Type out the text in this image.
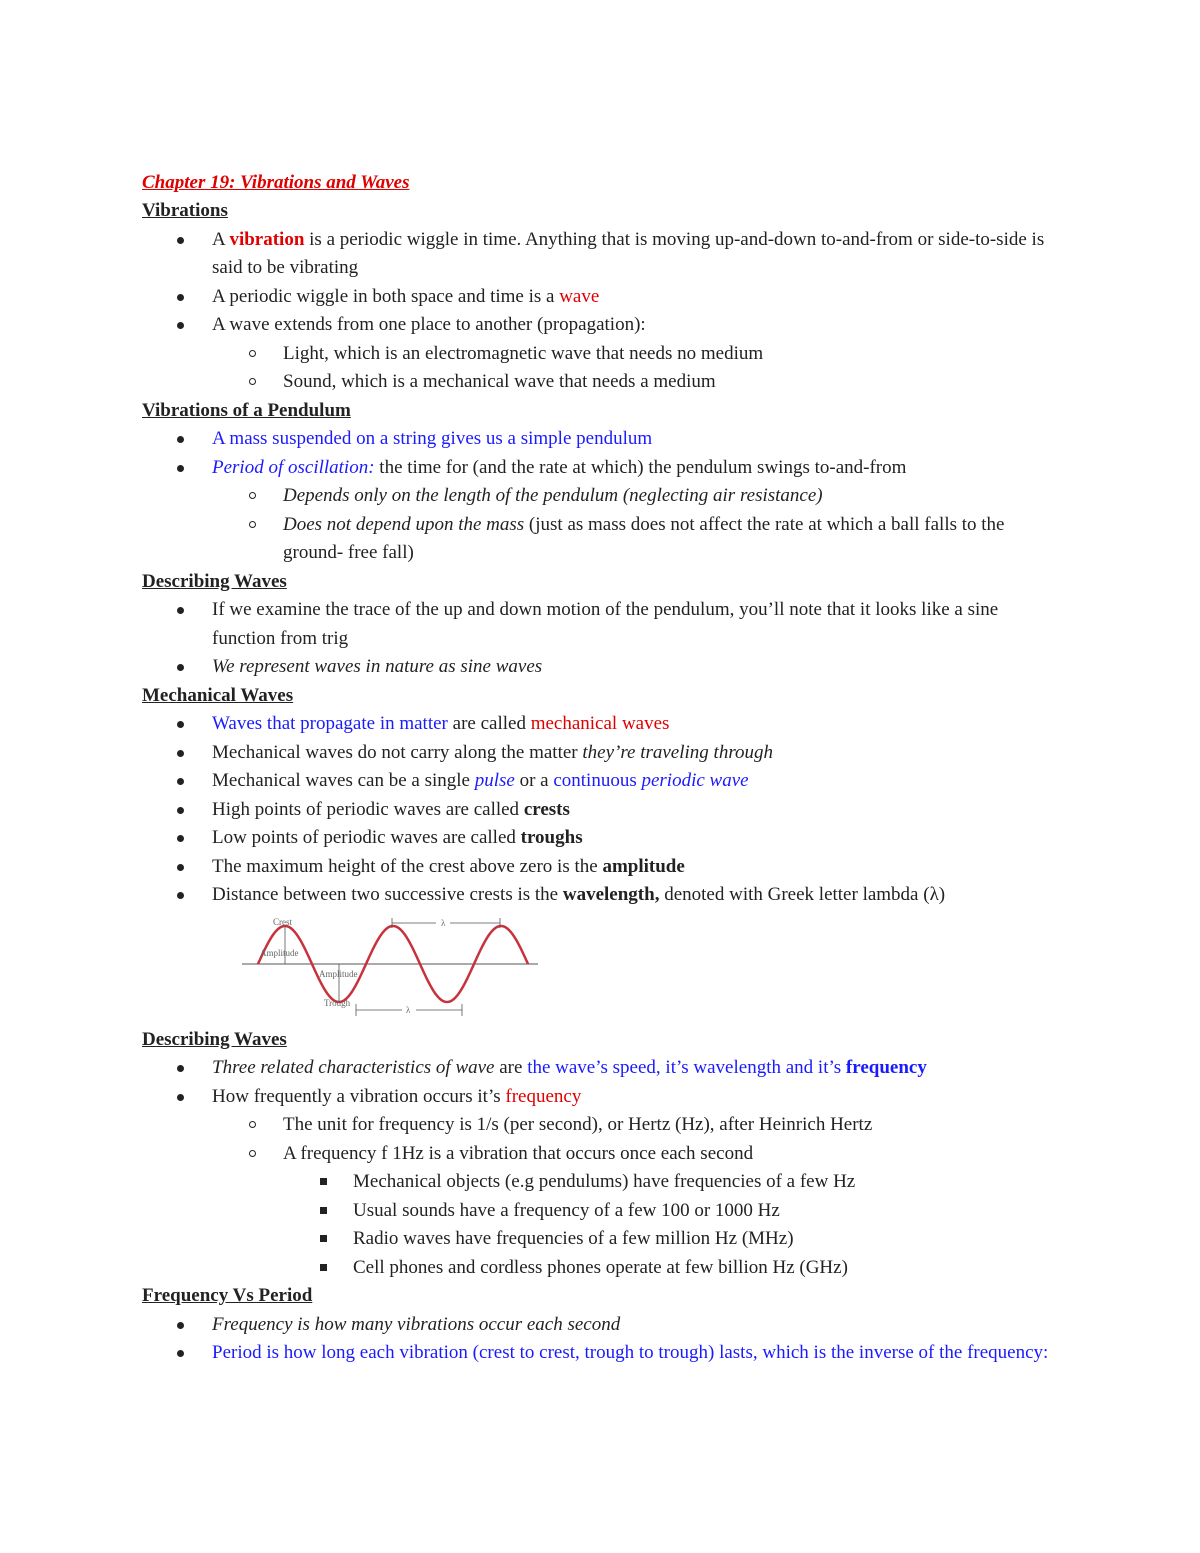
Chapter 19: Vibrations and Waves
Vibrations
A vibration is a periodic wiggle in time. Anything that is moving up-and-down to-and-from or side-to-side is said to be vibrating
A periodic wiggle in both space and time is a wave
A wave extends from one place to another (propagation):
Light, which is an electromagnetic wave that needs no medium
Sound, which is a mechanical wave that needs a medium
Vibrations of a Pendulum
A mass suspended on a string gives us a simple pendulum
Period of oscillation: the time for (and the rate at which) the pendulum swings to-and-from
Depends only on the length of the pendulum (neglecting air resistance)
Does not depend upon the mass (just as mass does not affect the rate at which a ball falls to the ground- free fall)
Describing Waves
If we examine the trace of the up and down motion of the pendulum, you’ll note that it looks like a sine function from trig
We represent waves in nature as sine waves
Mechanical Waves
Waves that propagate in matter are called mechanical waves
Mechanical waves do not carry along the matter they’re traveling through
Mechanical waves can be a single pulse or a continuous periodic wave
High points of periodic waves are called crests
Low points of periodic waves are called troughs
The maximum height of the crest above zero is the amplitude
Distance between two successive crests is the wavelength, denoted with Greek letter lambda (λ)
Crest
Amplitude
Amplitude
Trough
λ
λ
Describing Waves
Three related characteristics of wave are the wave’s speed, it’s wavelength and it’s frequency
How frequently a vibration occurs it’s frequency
The unit for frequency is 1/s (per second), or Hertz (Hz), after Heinrich Hertz
A frequency f 1Hz is a vibration that occurs once each second
Mechanical objects (e.g pendulums) have frequencies of a few Hz
Usual sounds have a frequency of a few 100 or 1000 Hz
Radio waves have frequencies of a few million Hz (MHz)
Cell phones and cordless phones operate at few billion Hz (GHz)
Frequency Vs Period
Frequency is how many vibrations occur each second
Period is how long each vibration (crest to crest, trough to trough) lasts, which is the inverse of the frequency:
